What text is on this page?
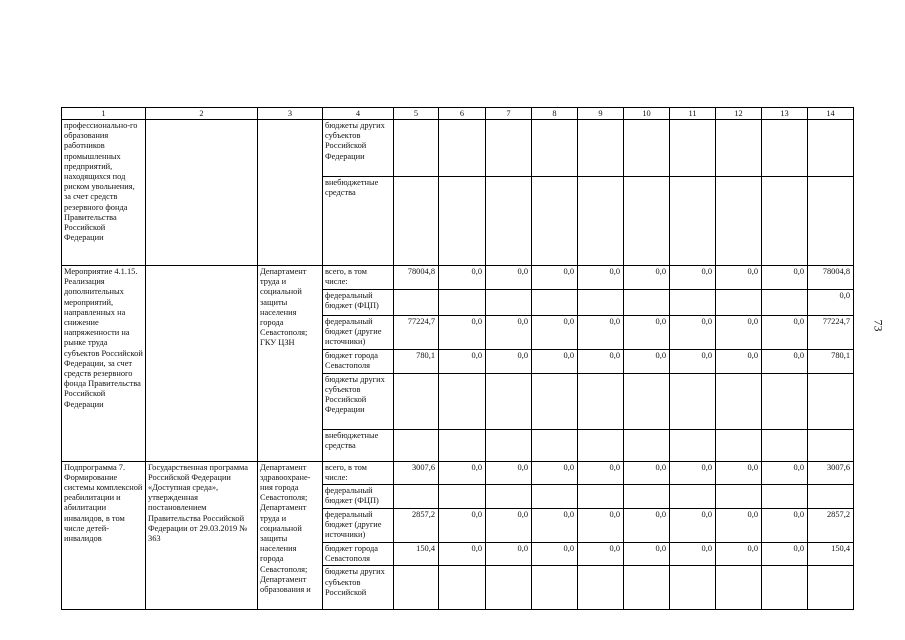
73
1	2	3	4	5	6	7	8	9	10	11	12	13	14
профессионально-го образования работников промышленных предприятий, находящихся под риском увольнения, за счет средств резервного фонда Правительства Российской Федерации			бюджеты других субъектов Российской Федерации										
			внебюджетные средства										
Мероприятие 4.1.15. Реализация дополнительных мероприятий, направленных на снижение напряженности на рынке труда субъектов Российской Федерации, за счет средств резервного фонда Правительства Российской Федерации		Департамент труда и социальной защиты населения города Севастополя; ГКУ ЦЗН	всего, в том числе:	78004,8	0,0	0,0	0,0	0,0	0,0	0,0	0,0	0,0	78004,8
			федеральный бюджет (ФЦП)										0,0
			федеральный бюджет (другие источники)	77224,7	0,0	0,0	0,0	0,0	0,0	0,0	0,0	0,0	77224,7
			бюджет города Севастополя	780,1	0,0	0,0	0,0	0,0	0,0	0,0	0,0	0,0	780,1
			бюджеты других субъектов Российской Федерации										
			внебюджетные средства										
Подпрограмма 7. Формирование системы комплексной реабилитации и абилитации инвалидов, в том числе детей-инвалидов	Государственная программа Российской Федерации «Доступная среда», утвержденная постановлением Правительства Российской Федерации от 29.03.2019 № 363	Департамент здравоохране-ния города Севастополя; Департамент труда и социальной защиты населения города Севастополя; Департамент образования и	всего, в том числе:	3007,6	0,0	0,0	0,0	0,0	0,0	0,0	0,0	0,0	3007,6
			федеральный бюджет (ФЦП)										
			федеральный бюджет (другие источники)	2857,2	0,0	0,0	0,0	0,0	0,0	0,0	0,0	0,0	2857,2
			бюджет города Севастополя	150,4	0,0	0,0	0,0	0,0	0,0	0,0	0,0	0,0	150,4
			бюджеты других субъектов Российской										
